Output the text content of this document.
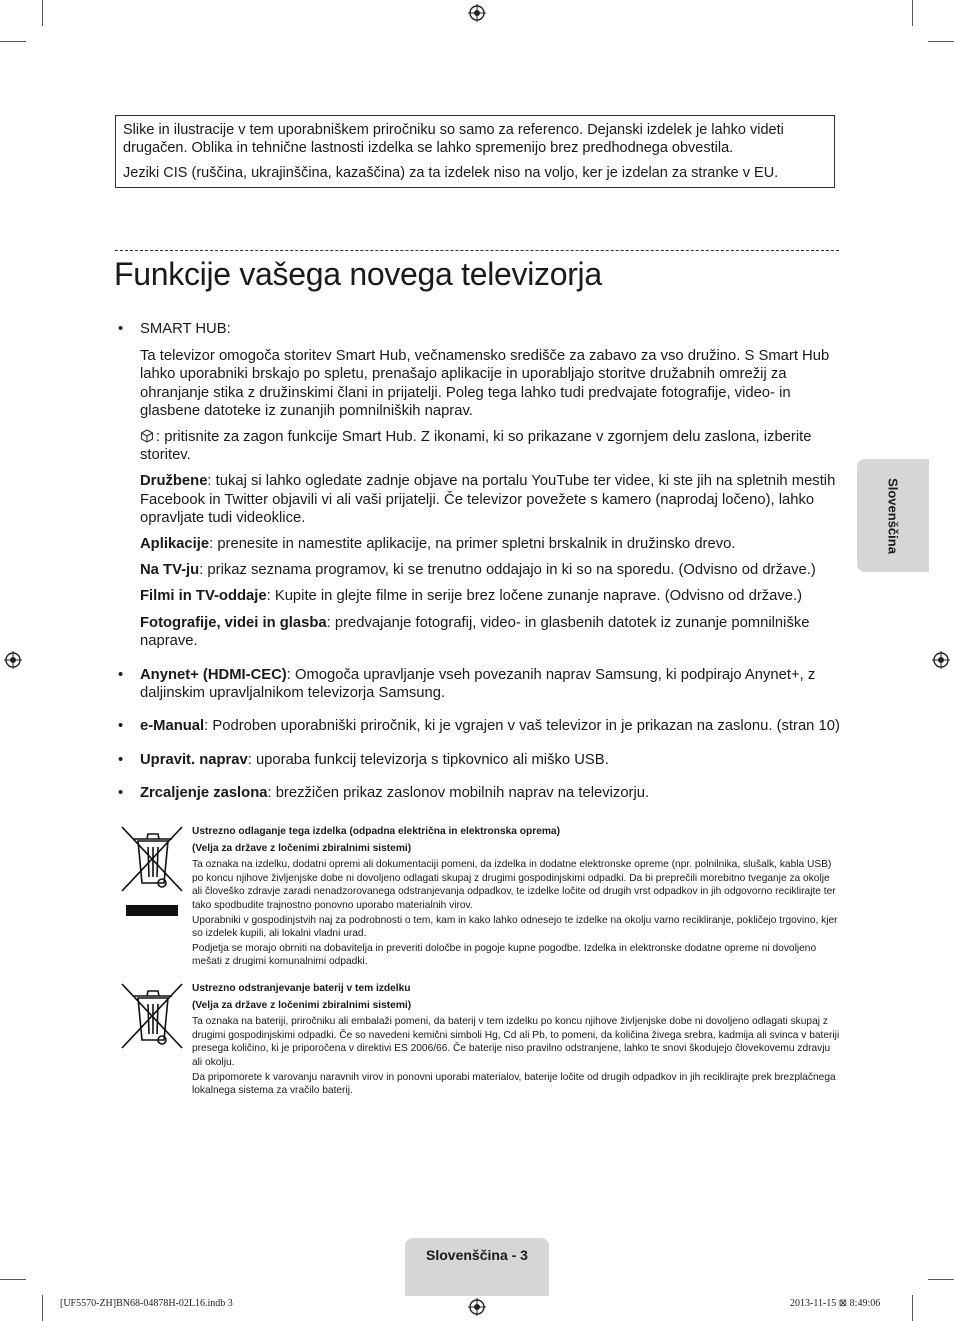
Slike in ilustracije v tem uporabniškem priročniku so samo za referenco. Dejanski izdelek je lahko videti drugačen. Oblika in tehnične lastnosti izdelka se lahko spremenijo brez predhodnega obvestila.

Jeziki CIS (ruščina, ukrajinščina, kazaščina) za ta izdelek niso na voljo, ker je izdelan za stranke v EU.

Funkcije vašega novega televizorja
• SMART HUB:
Ta televizor omogoča storitev Smart Hub, večnamensko središče za zabavo za vso družino. S Smart Hub lahko uporabniki brskajo po spletu, prenašajo aplikacije in uporabljajo storitve družabnih omrežij za ohranjanje stika z družinskimi člani in prijatelji. Poleg tega lahko tudi predvajate fotografije, video- in glasbene datoteke iz zunanjih pomnilniških naprav.
: pritisnite za zagon funkcije Smart Hub. Z ikonami, ki so prikazane v zgornjem delu zaslona, izberite storitev.
Družbene: tukaj si lahko ogledate zadnje objave na portalu YouTube ter videe, ki ste jih na spletnih mestih Facebook in Twitter objavili vi ali vaši prijatelji. Če televizor povežete s kamero (naprodaj ločeno), lahko opravljate tudi videoklice.
Aplikacije: prenesite in namestite aplikacije, na primer spletni brskalnik in družinsko drevo.
Na TV-ju: prikaz seznama programov, ki se trenutno oddajajo in ki so na sporedu. (Odvisno od države.)
Filmi in TV-oddaje: Kupite in glejte filme in serije brez ločene zunanje naprave. (Odvisno od države.)
Fotografije, videi in glasba: predvajanje fotografij, video- in glasbenih datotek iz zunanje pomnilniške naprave.
• Anynet+ (HDMI-CEC): Omogoča upravljanje vseh povezanih naprav Samsung, ki podpirajo Anynet+, z daljinskim upravljalnikom televizorja Samsung.
• e-Manual: Podroben uporabniški priročnik, ki je vgrajen v vaš televizor in je prikazan na zaslonu. (stran 10)
• Upravit. naprav: uporaba funkcij televizorja s tipkovnico ali miško USB.
• Zrcaljenje zaslona: brezžičen prikaz zaslonov mobilnih naprav na televizorju.

Ustrezno odlaganje tega izdelka (odpadna električna in elektronska oprema)

(Velja za države z ločenimi zbiralnimi sistemi)

Ta oznaka na izdelku, dodatni opremi ali dokumentaciji pomeni, da izdelka in dodatne elektronske opreme (npr. polnilnika, slušalk, kabla USB) po koncu njihove življenjske dobe ni dovoljeno odlagati skupaj z drugimi gospodinjskimi odpadki. Da bi preprečili morebitno tveganje za okolje ali človeško zdravje zaradi nenadzorovanega odstranjevanja odpadkov, te izdelke ločite od drugih vrst odpadkov in jih odgovorno reciklirajte ter tako spodbudite trajnostno ponovno uporabo materialnih virov.

Uporabniki v gospodinjstvih naj za podrobnosti o tem, kam in kako lahko odnesejo te izdelke na okolju varno recikliranje, pokličejo trgovino, kjer so izdelek kupili, ali lokalni vladni urad.

Podjetja se morajo obrniti na dobavitelja in preveriti določbe in pogoje kupne pogodbe. Izdelka in elektronske dodatne opreme ni dovoljeno mešati z drugimi komunalnimi odpadki.

Ustrezno odstranjevanje baterij v tem izdelku

(Velja za države z ločenimi zbiralnimi sistemi)

Ta oznaka na bateriji, priročniku ali embalaži pomeni, da baterij v tem izdelku po koncu njihove življenjske dobe ni dovoljeno odlagati skupaj z drugimi gospodinjskimi odpadki. Če so navedeni kemični simboli Hg, Cd ali Pb, to pomeni, da količina živega srebra, kadmija ali svinca v bateriji presega količino, ki je priporočena v direktivi ES 2006/66. Če baterije niso pravilno odstranjene, lahko te snovi škodujejo človekovemu zdravju ali okolju.

Da pripomorete k varovanju naravnih virov in ponovni uporabi materialov, baterije ločite od drugih odpadkov in jih reciklirajte prek brezplačnega lokalnega sistema za vračilo baterij.

Slovenščina
Slovenščina - 3
[UF5570-ZH]BN68-04878H-02L16.indb 3	2013-11-15 ⊠ 8:49:06
